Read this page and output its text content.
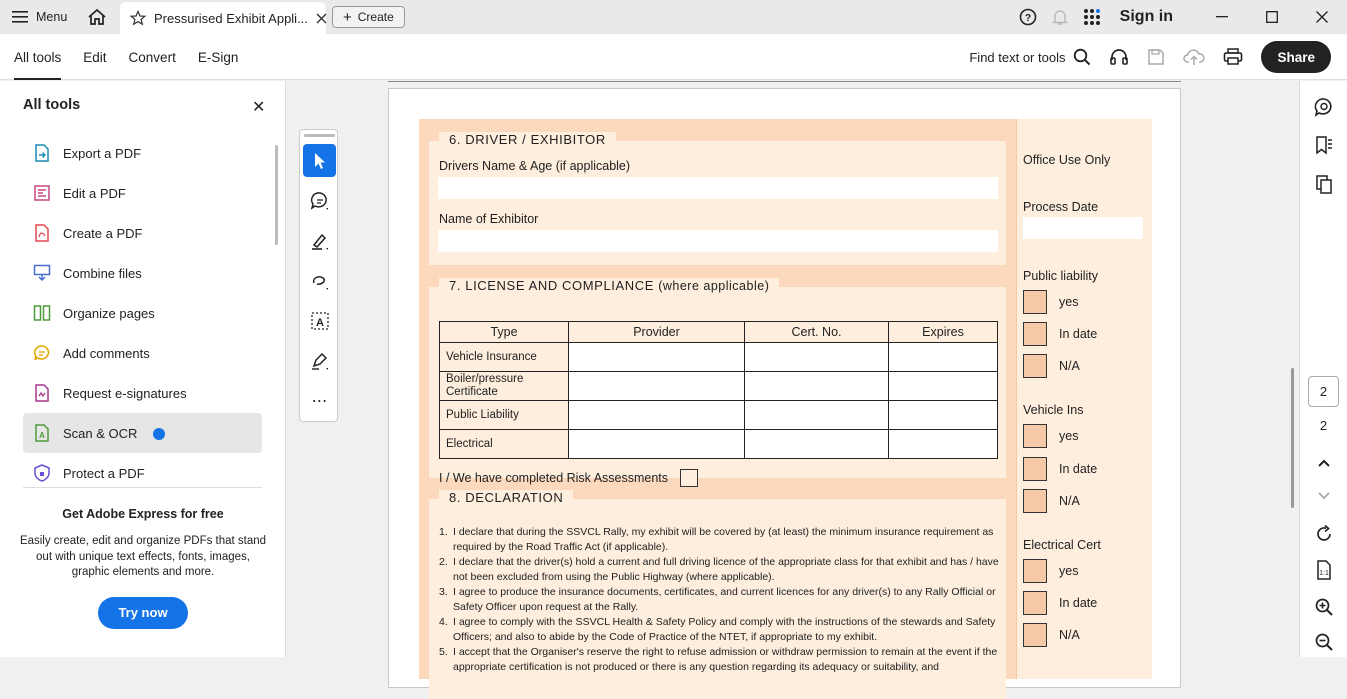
Menu	Pressurised Exhibit Appli... + Create	?	Sign in
All tools Edit Convert E-Sign	Find text or tools	Share
All tools	✕
Export a PDF
Edit a PDF
Create a PDF
Combine files
Organize pages
Add comments
Request e-signatures
A Scan & OCR
Protect a PDF
Get Adobe Express for free
Easily create, edit and organize PDFs that stand out with unique text effects, fonts, images, graphic elements and more.
Try now
A
⋯
6. DRIVER / EXHIBITOR
Drivers Name & Age (if applicable)
Name of Exhibitor
7. LICENSE AND COMPLIANCE (where applicable)
Type	Provider	Cert. No.	Expires
Vehicle Insurance			
Boiler/pressure Certificate			
Public Liability			
Electrical			
I / We have completed Risk Assessments
8. DECLARATION
1. I declare that during the SSVCL Rally, my exhibit will be covered by (at least) the minimum insurance requirement as required by the Road Traffic Act (if applicable).
2. I declare that the driver(s) hold a current and full driving licence of the appropriate class for that exhibit and has / have not been excluded from using the Public Highway (where applicable).
3. I agree to produce the insurance documents, certificates, and current licences for any driver(s) to any Rally Official or Safety Officer upon request at the Rally.
4. I agree to comply with the SSVCL Health & Safety Policy and comply with the instructions of the stewards and Safety Officers; and also to abide by the Code of Practice of the NTET, if appropriate to my exhibit.
5. I accept that the Organiser's reserve the right to refuse admission or withdraw permission to remain at the event if the appropriate certification is not produced or there is any question regarding its adequacy or suitability, and
Office Use Only
Process Date
Public liability
yes
In date
N/A
Vehicle Ins
yes
In date
N/A
Electrical Cert
yes
In date
N/A
2
2
1:1
